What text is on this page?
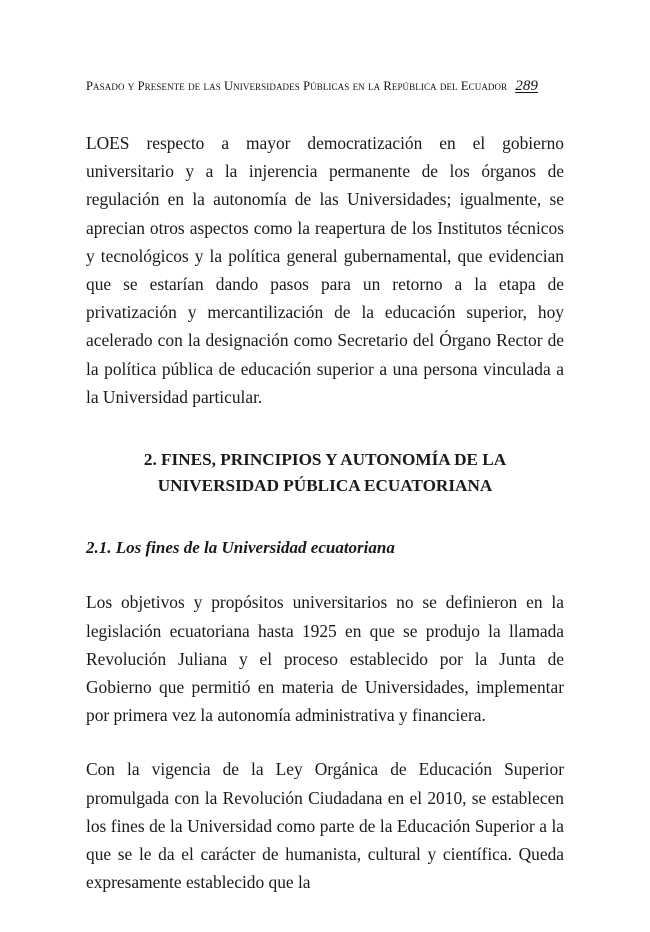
Pasado y Presente de las Universidades Públicas en la República del Ecuador 289

LOES respecto a mayor democratización en el gobierno universitario y a la injerencia permanente de los órganos de regulación en la autonomía de las Universidades; igualmente, se aprecian otros aspectos como la reapertura de los Institutos técnicos y tecnológicos y la política general gubernamental, que evidencian que se estarían dando pasos para un retorno a la etapa de privatización y mercantilización de la educación superior, hoy acelerado con la designación como Secretario del Órgano Rector de la política pública de educación superior a una persona vinculada a la Universidad particular.

2. FINES, PRINCIPIOS Y AUTONOMÍA DE LA UNIVERSIDAD PÚBLICA ECUATORIANA
2.1. Los fines de la Universidad ecuatoriana

Los objetivos y propósitos universitarios no se definieron en la legislación ecuatoriana hasta 1925 en que se produjo la llamada Revolución Juliana y el proceso establecido por la Junta de Gobierno que permitió en materia de Universidades, implementar por primera vez la autonomía administrativa y financiera.

Con la vigencia de la Ley Orgánica de Educación Superior promulgada con la Revolución Ciudadana en el 2010, se establecen los fines de la Universidad como parte de la Educación Superior a la que se le da el carácter de humanista, cultural y científica. Queda expresamente establecido que la
